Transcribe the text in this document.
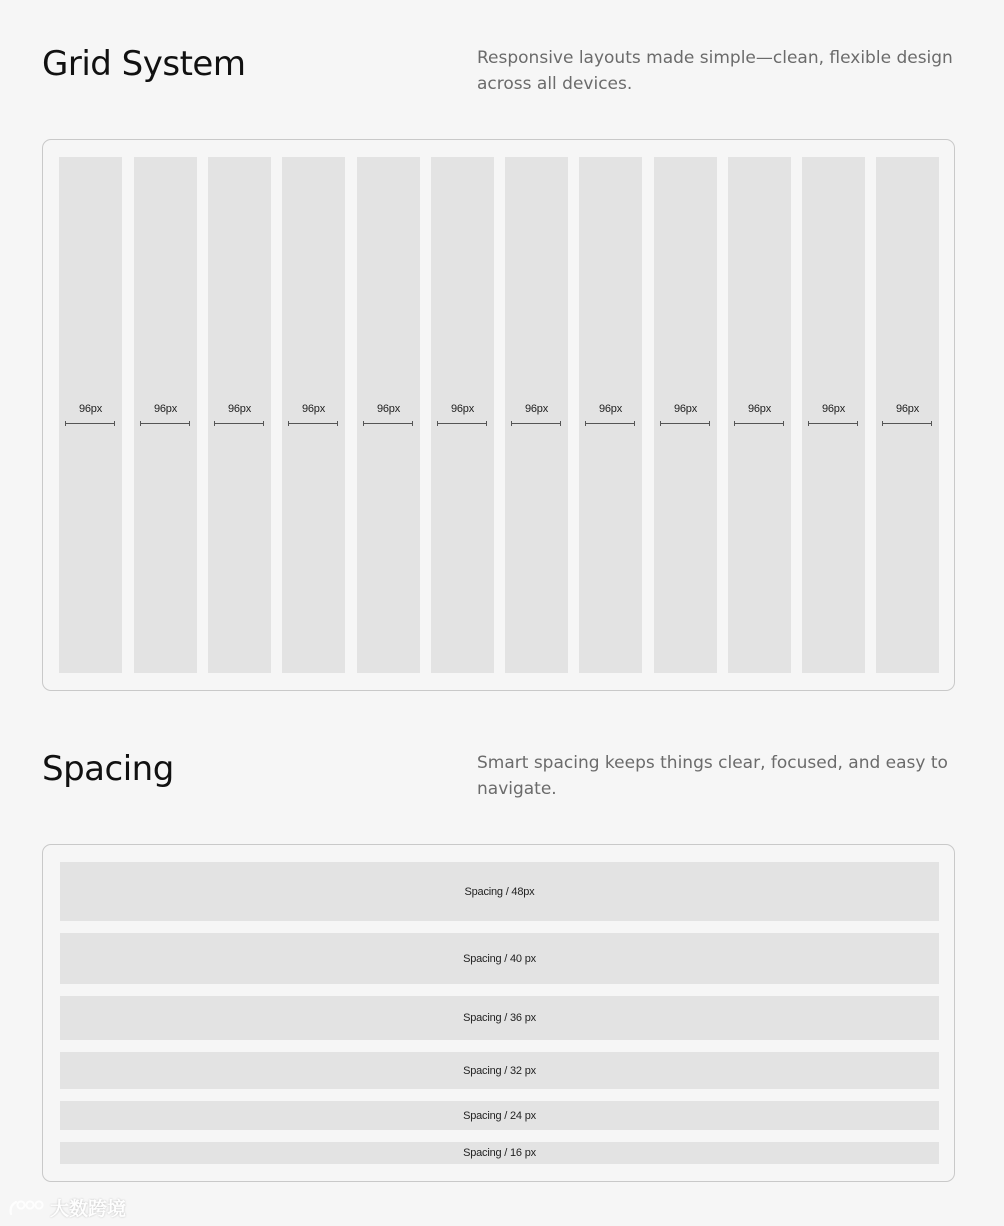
Grid System	Responsive layouts made simple—clean, flexible design across all devices.

96px	96px	96px	96px	96px	96px	96px	96px	96px	96px	96px	96px
Spacing	Smart spacing keeps things clear, focused, and easy to navigate.

Spacing / 48px
Spacing / 40 px
Spacing / 36 px
Spacing / 32 px
Spacing / 24 px
Spacing / 16 px
大数跨境
